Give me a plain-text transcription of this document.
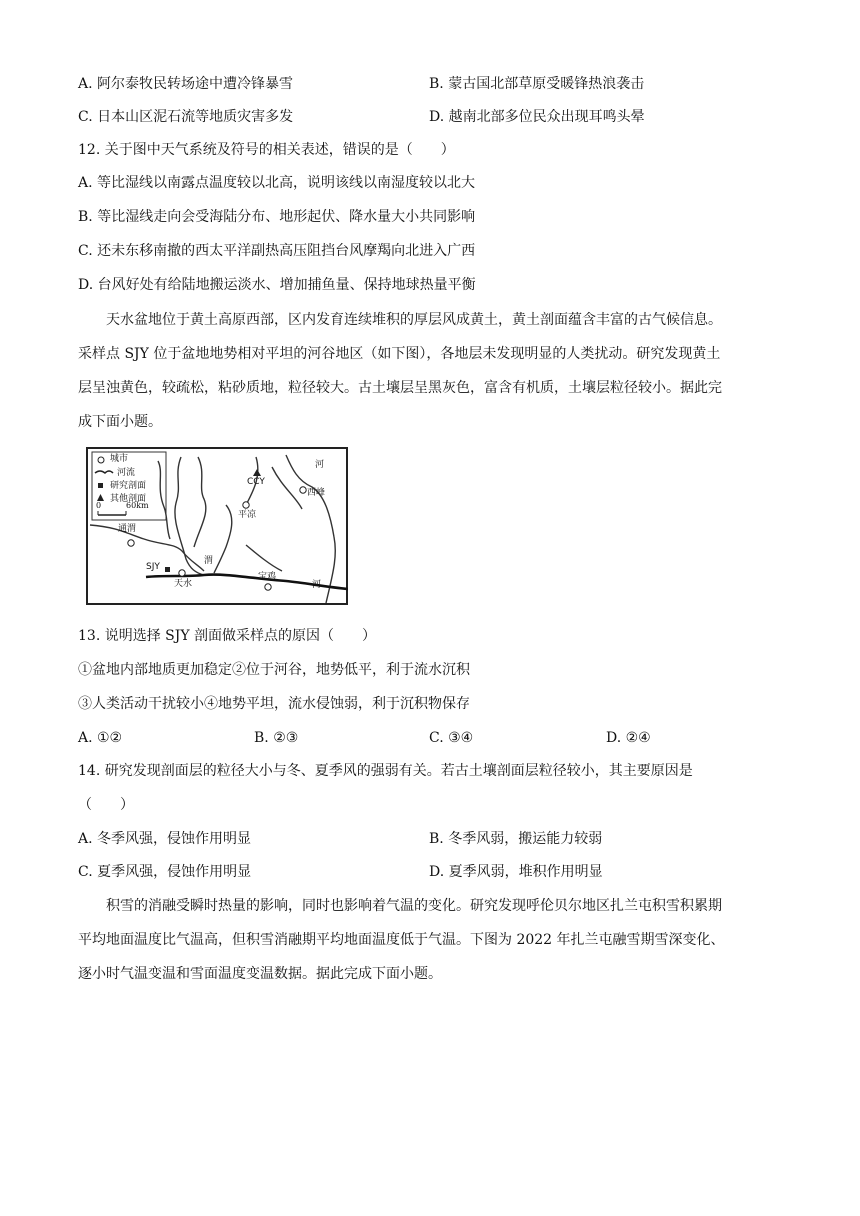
A. 阿尔泰牧民转场途中遭冷锋暴雪	B. 蒙古国北部草原受暖锋热浪袭击
C. 日本山区泥石流等地质灾害多发	D. 越南北部多位民众出现耳鸣头晕
12. 关于图中天气系统及符号的相关表述，错误的是（　　）
A. 等比湿线以南露点温度较以北高，说明该线以南湿度较以北大
B. 等比湿线走向会受海陆分布、地形起伏、降水量大小共同影响
C. 还未东移南撤的西太平洋副热高压阻挡台风摩羯向北进入广西
D. 台风好处有给陆地搬运淡水、增加捕鱼量、保持地球热量平衡
天水盆地位于黄土高原西部，区内发育连续堆积的厚层风成黄土，黄土剖面蕴含丰富的古气候信息。
采样点 SJY 位于盆地地势相对平坦的河谷地区（如下图），各地层未发现明显的人类扰动。研究发现黄土
层呈浊黄色，较疏松，粘砂质地，粒径较大。古土壤层呈黑灰色，富含有机质，土壤层粒径较小。据此完
成下面小题。
城市
河流
研究剖面
其他剖面
0	60km
CCY
西峰
河
平凉
通渭
渭
SJY
天水
宝鸡
河
13. 说明选择 SJY 剖面做采样点的原因（　　）
①盆地内部地质更加稳定②位于河谷，地势低平，利于流水沉积
③人类活动干扰较小④地势平坦，流水侵蚀弱，利于沉积物保存
A. ①②	B. ②③	C. ③④	D. ②④
14. 研究发现剖面层的粒径大小与冬、夏季风的强弱有关。若古土壤剖面层粒径较小，其主要原因是
（　　）
A. 冬季风强，侵蚀作用明显	B. 冬季风弱，搬运能力较弱
C. 夏季风强，侵蚀作用明显	D. 夏季风弱，堆积作用明显
积雪的消融受瞬时热量的影响，同时也影响着气温的变化。研究发现呼伦贝尔地区扎兰屯积雪积累期
平均地面温度比气温高，但积雪消融期平均地面温度低于气温。下图为 2022 年扎兰屯融雪期雪深变化、
逐小时气温变温和雪面温度变温数据。据此完成下面小题。
